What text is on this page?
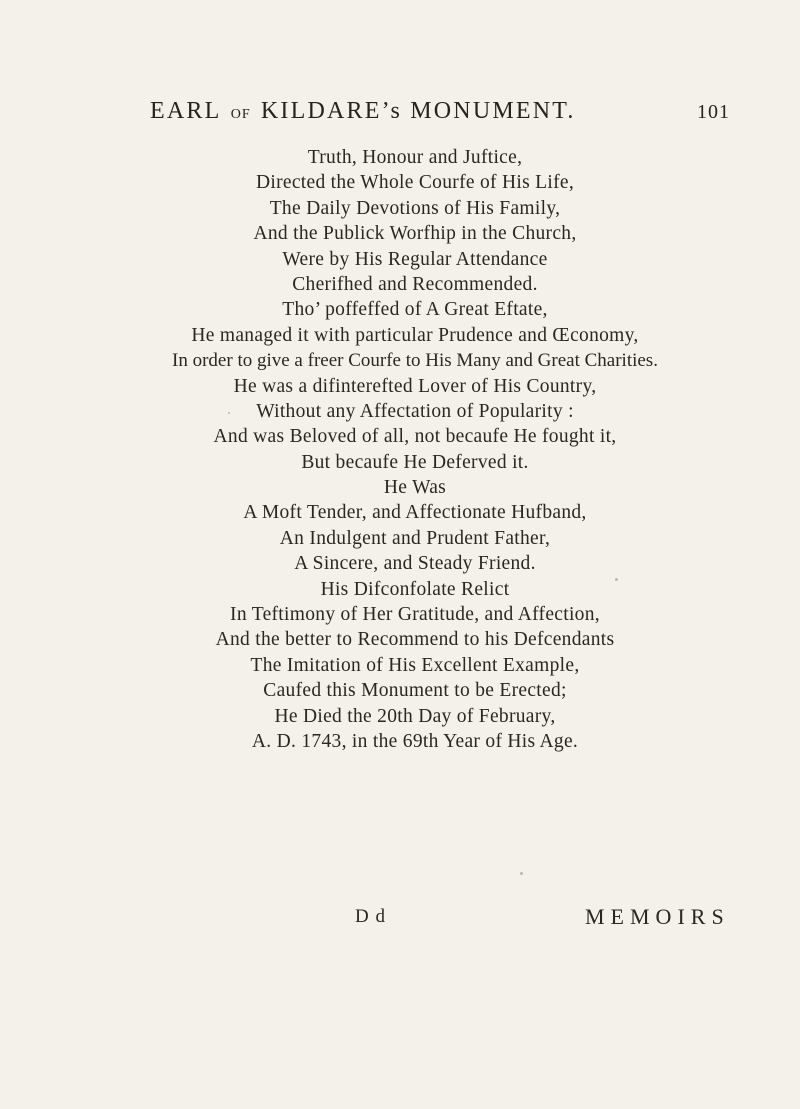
EARL OF KILDARE’s MONUMENT.	101
Truth, Honour and Juftice,
Directed the Whole Courfe of His Life,
The Daily Devotions of His Family,
And the Publick Worfhip in the Church,
Were by His Regular Attendance
Cherifhed and Recommended.
Tho’ poffeffed of A Great Eftate,
He managed it with particular Prudence and Œconomy,
In order to give a freer Courfe to His Many and Great Charities.
He was a difinterefted Lover of His Country,
Without any Affectation of Popularity :
And was Beloved of all, not becaufe He fought it,
But becaufe He Deferved it.
He Was
A Moft Tender, and Affectionate Hufband,
An Indulgent and Prudent Father,
A Sincere, and Steady Friend.
His Difconfolate Relict
In Teftimony of Her Gratitude, and Affection,
And the better to Recommend to his Defcendants
The Imitation of His Excellent Example,
Caufed this Monument to be Erected;
He Died the 20th Day of February,
A. D. 1743, in the 69th Year of His Age.
D d	MEMOIRS
